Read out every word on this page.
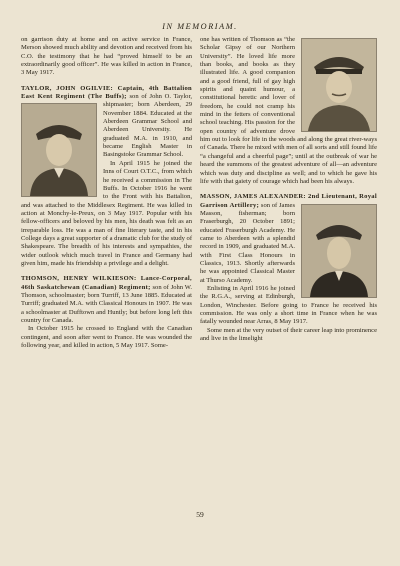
IN MEMORIAM.

on garrison duty at home and on active service in France, Merson showed much ability and devotion and received from his C.O. the testimony that he had “proved himself to be an extraordinarily good officer”. He was killed in action in France, 3 May 1917.

TAYLOR, JOHN OGILVIE: Captain, 4th Battalion East Kent Regiment (The Buffs); son of John O. Taylor, shipmaster; born Aberdeen, 29 November 1884. Educated at the Aberdeen Grammar School and Aberdeen University. He graduated M.A. in 1910, and became English Master in Basingstoke Grammar School.

In April 1915 he joined the Inns of Court O.T.C., from which he received a commission in The Buffs. In October 1916 he went to the Front with his Battalion, and was attached to the Middlesex Regiment. He was killed in action at Monchy-le-Preux, on 3 May 1917. Popular with his fellow-officers and beloved by his men, his death was felt as an irreparable loss. He was a man of fine literary taste, and in his College days a great supporter of a dramatic club for the study of Shakespeare. The breadth of his interests and sympathies, the wider outlook which much travel in France and Germany had given him, made his friendship a privilege and a delight.

THOMSON, HENRY WILKIESON: Lance-Corporal, 46th Saskatchewan (Canadian) Regiment; son of John W. Thomson, schoolmaster; born Turriff, 13 June 1885. Educated at Turriff; graduated M.A. with Classical Honours in 1907. He was a schoolmaster at Dufftown and Huntly; but before long left this country for Canada.

In October 1915 he crossed to England with the Canadian contingent, and soon after went to France. He was wounded the following year, and killed in action, 5 May 1917. Some-

one has written of Thomson as “the Scholar Gipsy of our Northern University”. He loved life more than books, and books as they illustrated life. A good companion and a good friend, full of gay high spirits and quaint humour, a constitutional heretic and lover of freedom, he could not cramp his mind in the fetters of conventional school teaching. His passion for the open country of adventure drove him out to look for life in the woods and along the great river-ways of Canada. There he mixed with men of all sorts and still found life “a changeful and a cheerful page”; until at the outbreak of war he heard the summons of the greatest adventure of all—an adventure which was duty and discipline as well; and to which he gave his life with that gaiety of courage which had been his always.

MASSON, JAMES ALEXANDER: 2nd Lieutenant, Royal Garrison Artillery; son of James Masson, fisherman; born Fraserburgh, 20 October 1891; educated Fraserburgh Academy. He came to Aberdeen with a splendid record in 1909, and graduated M.A. with First Class Honours in Classics, 1913. Shortly afterwards he was appointed Classical Master at Thurso Academy.

Enlisting in April 1916 he joined the R.G.A., serving at Edinburgh, London, Winchester. Before going to France he received his commission. He was only a short time in France when he was fatally wounded near Arras, 8 May 1917.

Some men at the very outset of their career leap into prominence and live in the limelight

59
